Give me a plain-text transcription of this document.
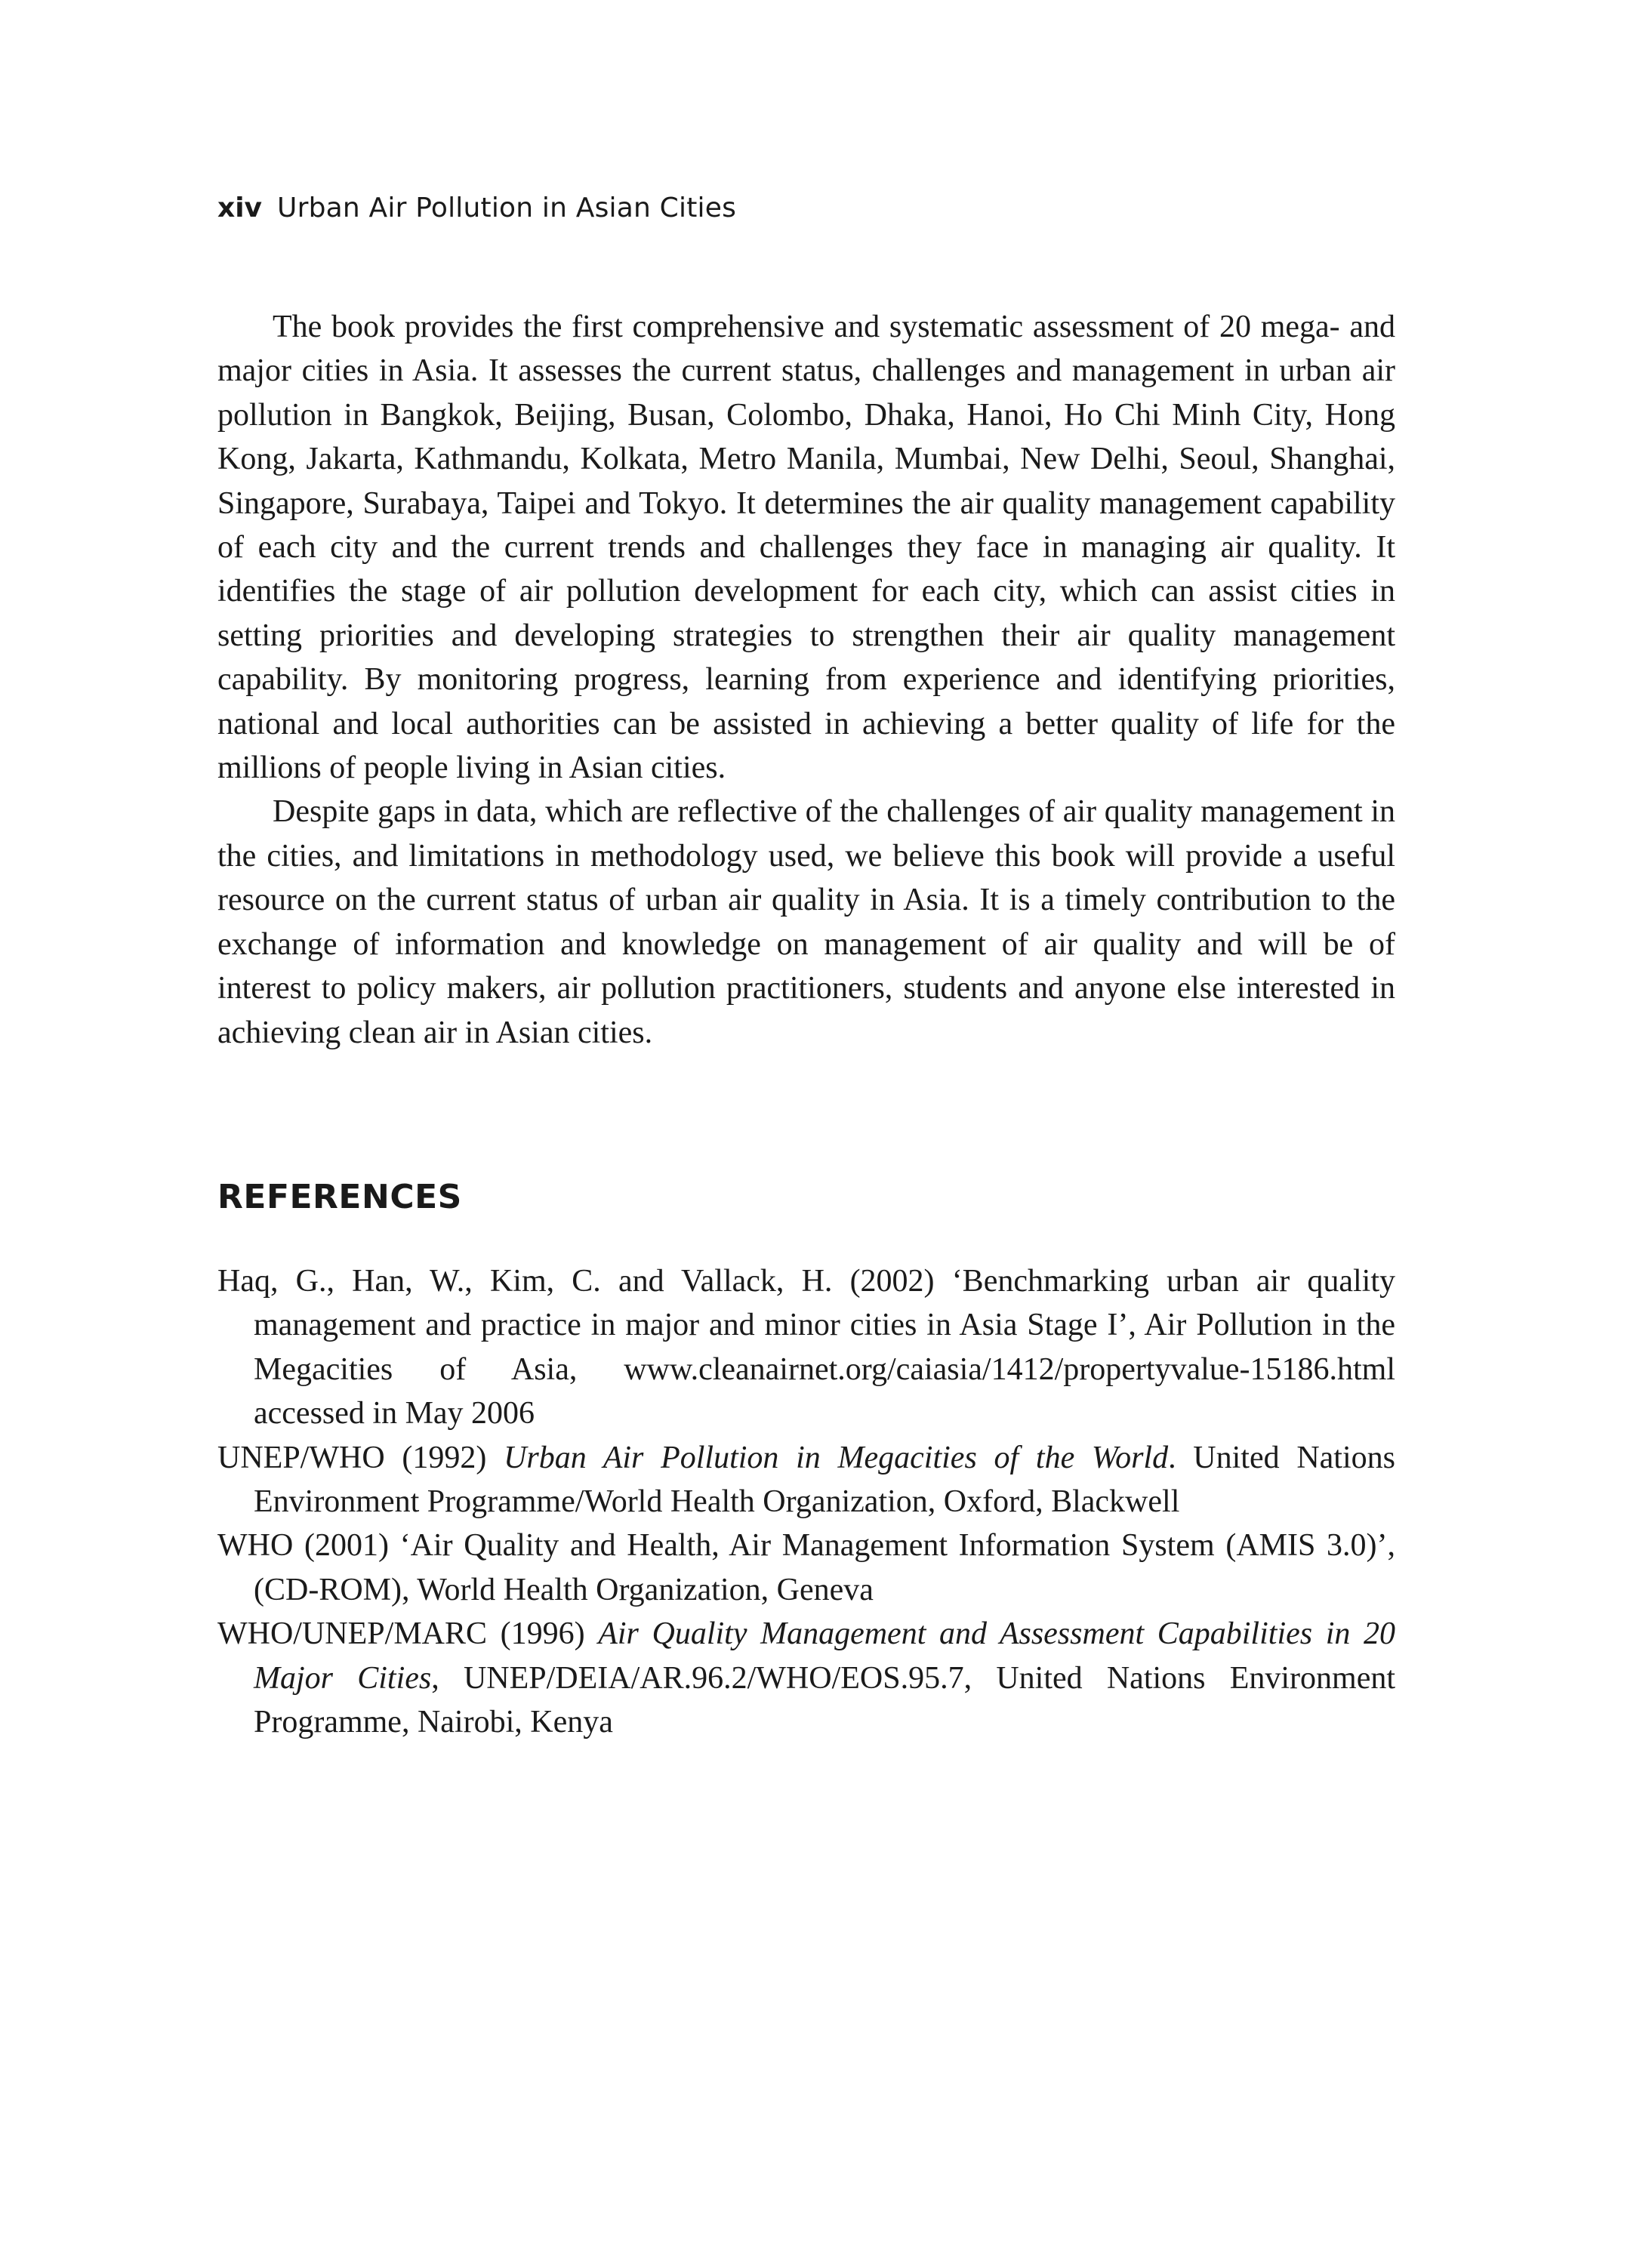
xiv Urban Air Pollution in Asian Cities

The book provides the first comprehensive and systematic assessment of 20 mega- and major cities in Asia. It assesses the current status, challenges and management in urban air pollution in Bangkok, Beijing, Busan, Colombo, Dhaka, Hanoi, Ho Chi Minh City, Hong Kong, Jakarta, Kathmandu, Kolkata, Metro Manila, Mumbai, New Delhi, Seoul, Shanghai, Singapore, Surabaya, Taipei and Tokyo. It determines the air quality management capability of each city and the current trends and challenges they face in managing air quality. It identifies the stage of air pollution development for each city, which can assist cities in setting priorities and developing strategies to strengthen their air quality management capability. By monitoring progress, learning from experience and identifying priorities, national and local authorities can be assisted in achieving a better quality of life for the millions of people living in Asian cities.

Despite gaps in data, which are reflective of the challenges of air quality management in the cities, and limitations in methodology used, we believe this book will provide a useful resource on the current status of urban air quality in Asia. It is a timely contribution to the exchange of information and knowledge on management of air quality and will be of interest to policy makers, air pollution practitioners, students and anyone else interested in achieving clean air in Asian cities.

REFERENCES

Haq, G., Han, W., Kim, C. and Vallack, H. (2002) ‘Benchmarking urban air quality management and practice in major and minor cities in Asia Stage I’, Air Pollution in the Megacities of Asia, www.cleanairnet.org/caiasia/1412/propertyvalue-15186.html accessed in May 2006

UNEP/WHO (1992) Urban Air Pollution in Megacities of the World. United Nations Environment Programme/World Health Organization, Oxford, Blackwell

WHO (2001) ‘Air Quality and Health, Air Management Information System (AMIS 3.0)’, (CD-ROM), World Health Organization, Geneva

WHO/UNEP/MARC (1996) Air Quality Management and Assessment Capabilities in 20 Major Cities, UNEP/DEIA/AR.96.2/WHO/EOS.95.7, United Nations Environment Programme, Nairobi, Kenya
